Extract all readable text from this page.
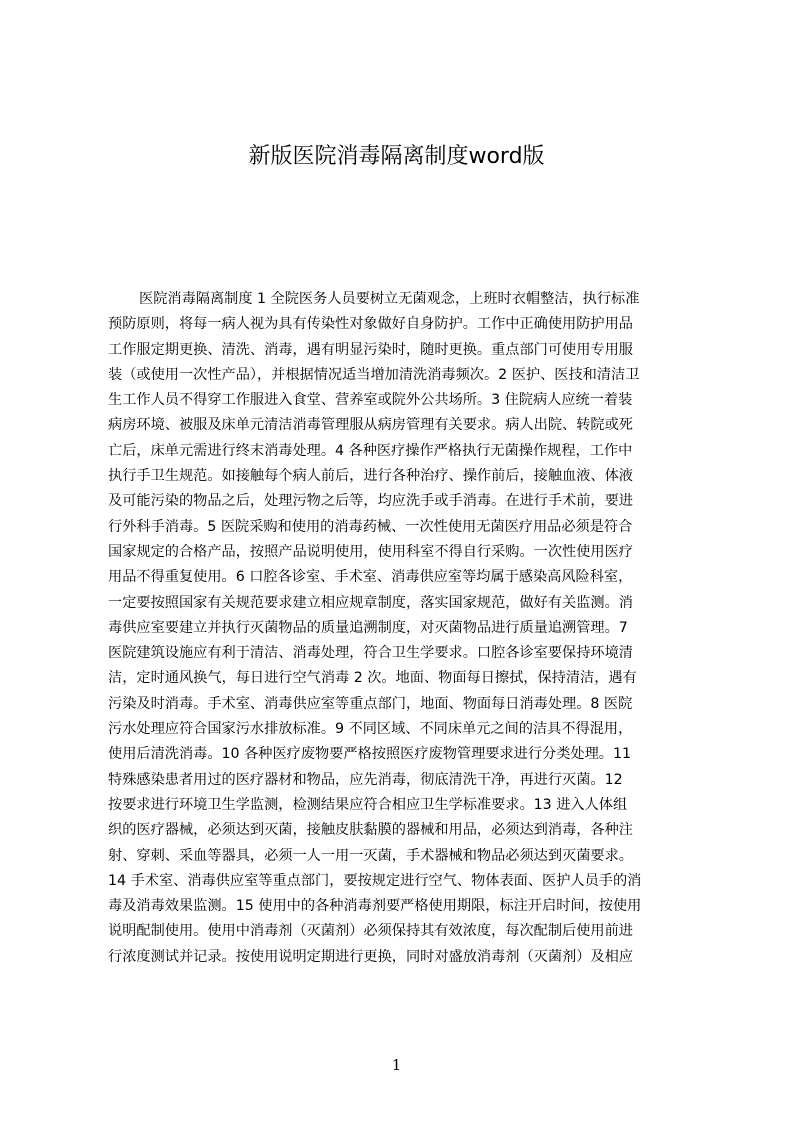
新版医院消毒隔离制度word版
医院消毒隔离制度 1 全院医务人员要树立无菌观念，上班时衣帽整洁，执行标准
预防原则，将每一病人视为具有传染性对象做好自身防护。工作中正确使用防护用品
工作服定期更换、清洗、消毒，遇有明显污染时，随时更换。重点部门可使用专用服
装（或使用一次性产品），并根据情况适当增加清洗消毒频次。2 医护、医技和清洁卫
生工作人员不得穿工作服进入食堂、营养室或院外公共场所。3 住院病人应统一着装
病房环境、被服及床单元清洁消毒管理服从病房管理有关要求。病人出院、转院或死
亡后，床单元需进行终末消毒处理。4 各种医疗操作严格执行无菌操作规程，工作中
执行手卫生规范。如接触每个病人前后，进行各种治疗、操作前后，接触血液、体液
及可能污染的物品之后，处理污物之后等，均应洗手或手消毒。在进行手术前，要进
行外科手消毒。5 医院采购和使用的消毒药械、一次性使用无菌医疗用品必须是符合
国家规定的合格产品，按照产品说明使用，使用科室不得自行采购。一次性使用医疗
用品不得重复使用。6 口腔各诊室、手术室、消毒供应室等均属于感染高风险科室，
一定要按照国家有关规范要求建立相应规章制度，落实国家规范，做好有关监测。消
毒供应室要建立并执行灭菌物品的质量追溯制度，对灭菌物品进行质量追溯管理。7
医院建筑设施应有利于清洁、消毒处理，符合卫生学要求。口腔各诊室要保持环境清
洁，定时通风换气，每日进行空气消毒 2 次。地面、物面每日擦拭，保持清洁，遇有
污染及时消毒。手术室、消毒供应室等重点部门，地面、物面每日消毒处理。8 医院
污水处理应符合国家污水排放标准。9 不同区域、不同床单元之间的洁具不得混用，
使用后清洗消毒。10 各种医疗废物要严格按照医疗废物管理要求进行分类处理。11
特殊感染患者用过的医疗器材和物品，应先消毒，彻底清洗干净，再进行灭菌。12
按要求进行环境卫生学监测，检测结果应符合相应卫生学标准要求。13 进入人体组
织的医疗器械，必须达到灭菌，接触皮肤黏膜的器械和用品，必须达到消毒，各种注
射、穿刺、采血等器具，必须一人一用一灭菌，手术器械和物品必须达到灭菌要求。
14 手术室、消毒供应室等重点部门，要按规定进行空气、物体表面、医护人员手的消
毒及消毒效果监测。15 使用中的各种消毒剂要严格使用期限，标注开启时间，按使用
说明配制使用。使用中消毒剂（灭菌剂）必须保持其有效浓度，每次配制后使用前进
行浓度测试并记录。按使用说明定期进行更换，同时对盛放消毒剂（灭菌剂）及相应
1
